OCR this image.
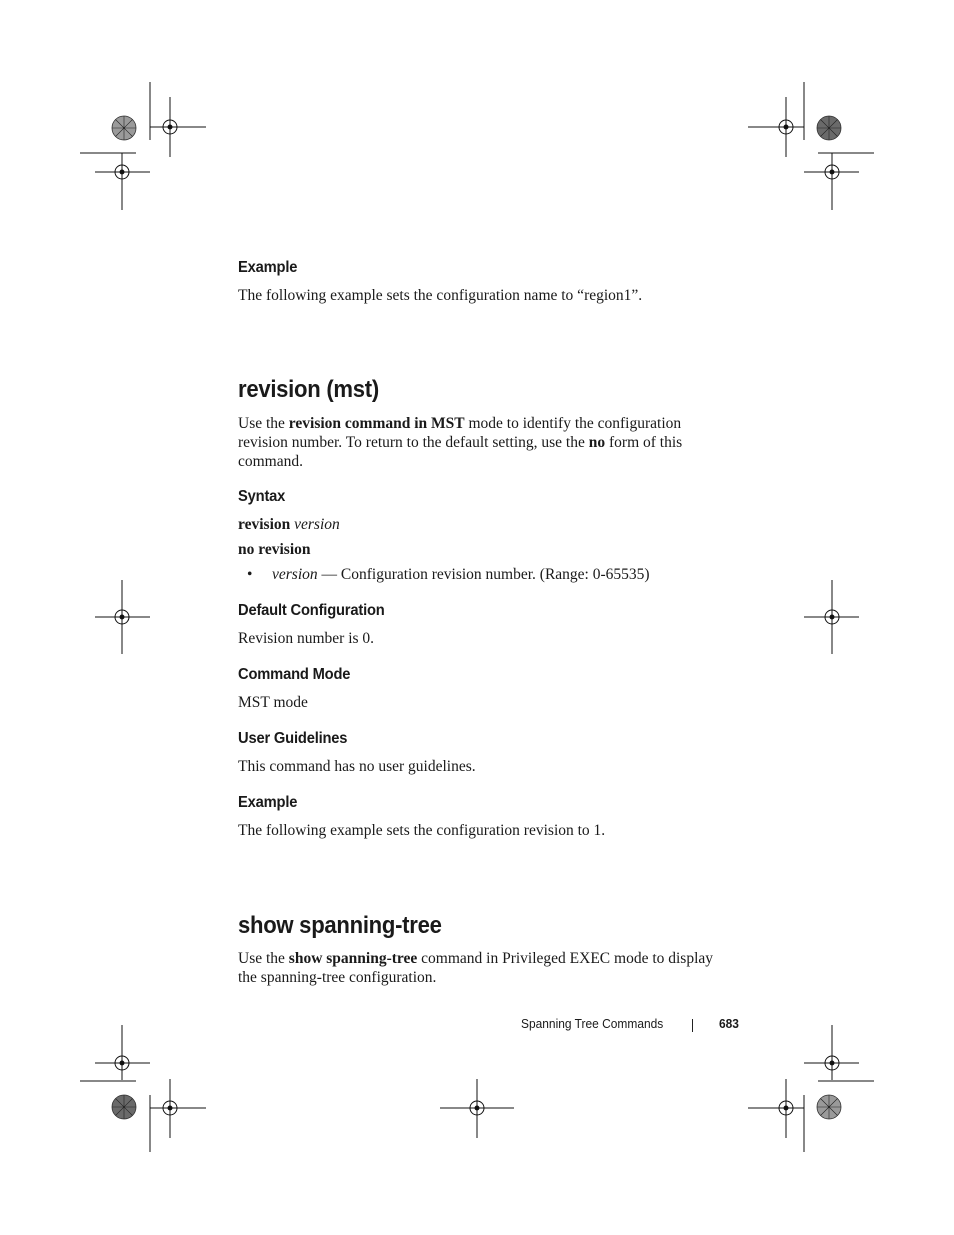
Example

The following example sets the configuration name to “region1”.

revision (mst)

Use the revision command in MST mode to identify the configuration revision number. To return to the default setting, use the no form of this command.

Syntax
revision version
no revision
• version — Configuration revision number. (Range: 0-65535)
Default Configuration

Revision number is 0.

Command Mode

MST mode

User Guidelines

This command has no user guidelines.

Example

The following example sets the configuration revision to 1.

show spanning-tree

Use the show spanning-tree command in Privileged EXEC mode to display the spanning-tree configuration.

Spanning Tree Commands	683
